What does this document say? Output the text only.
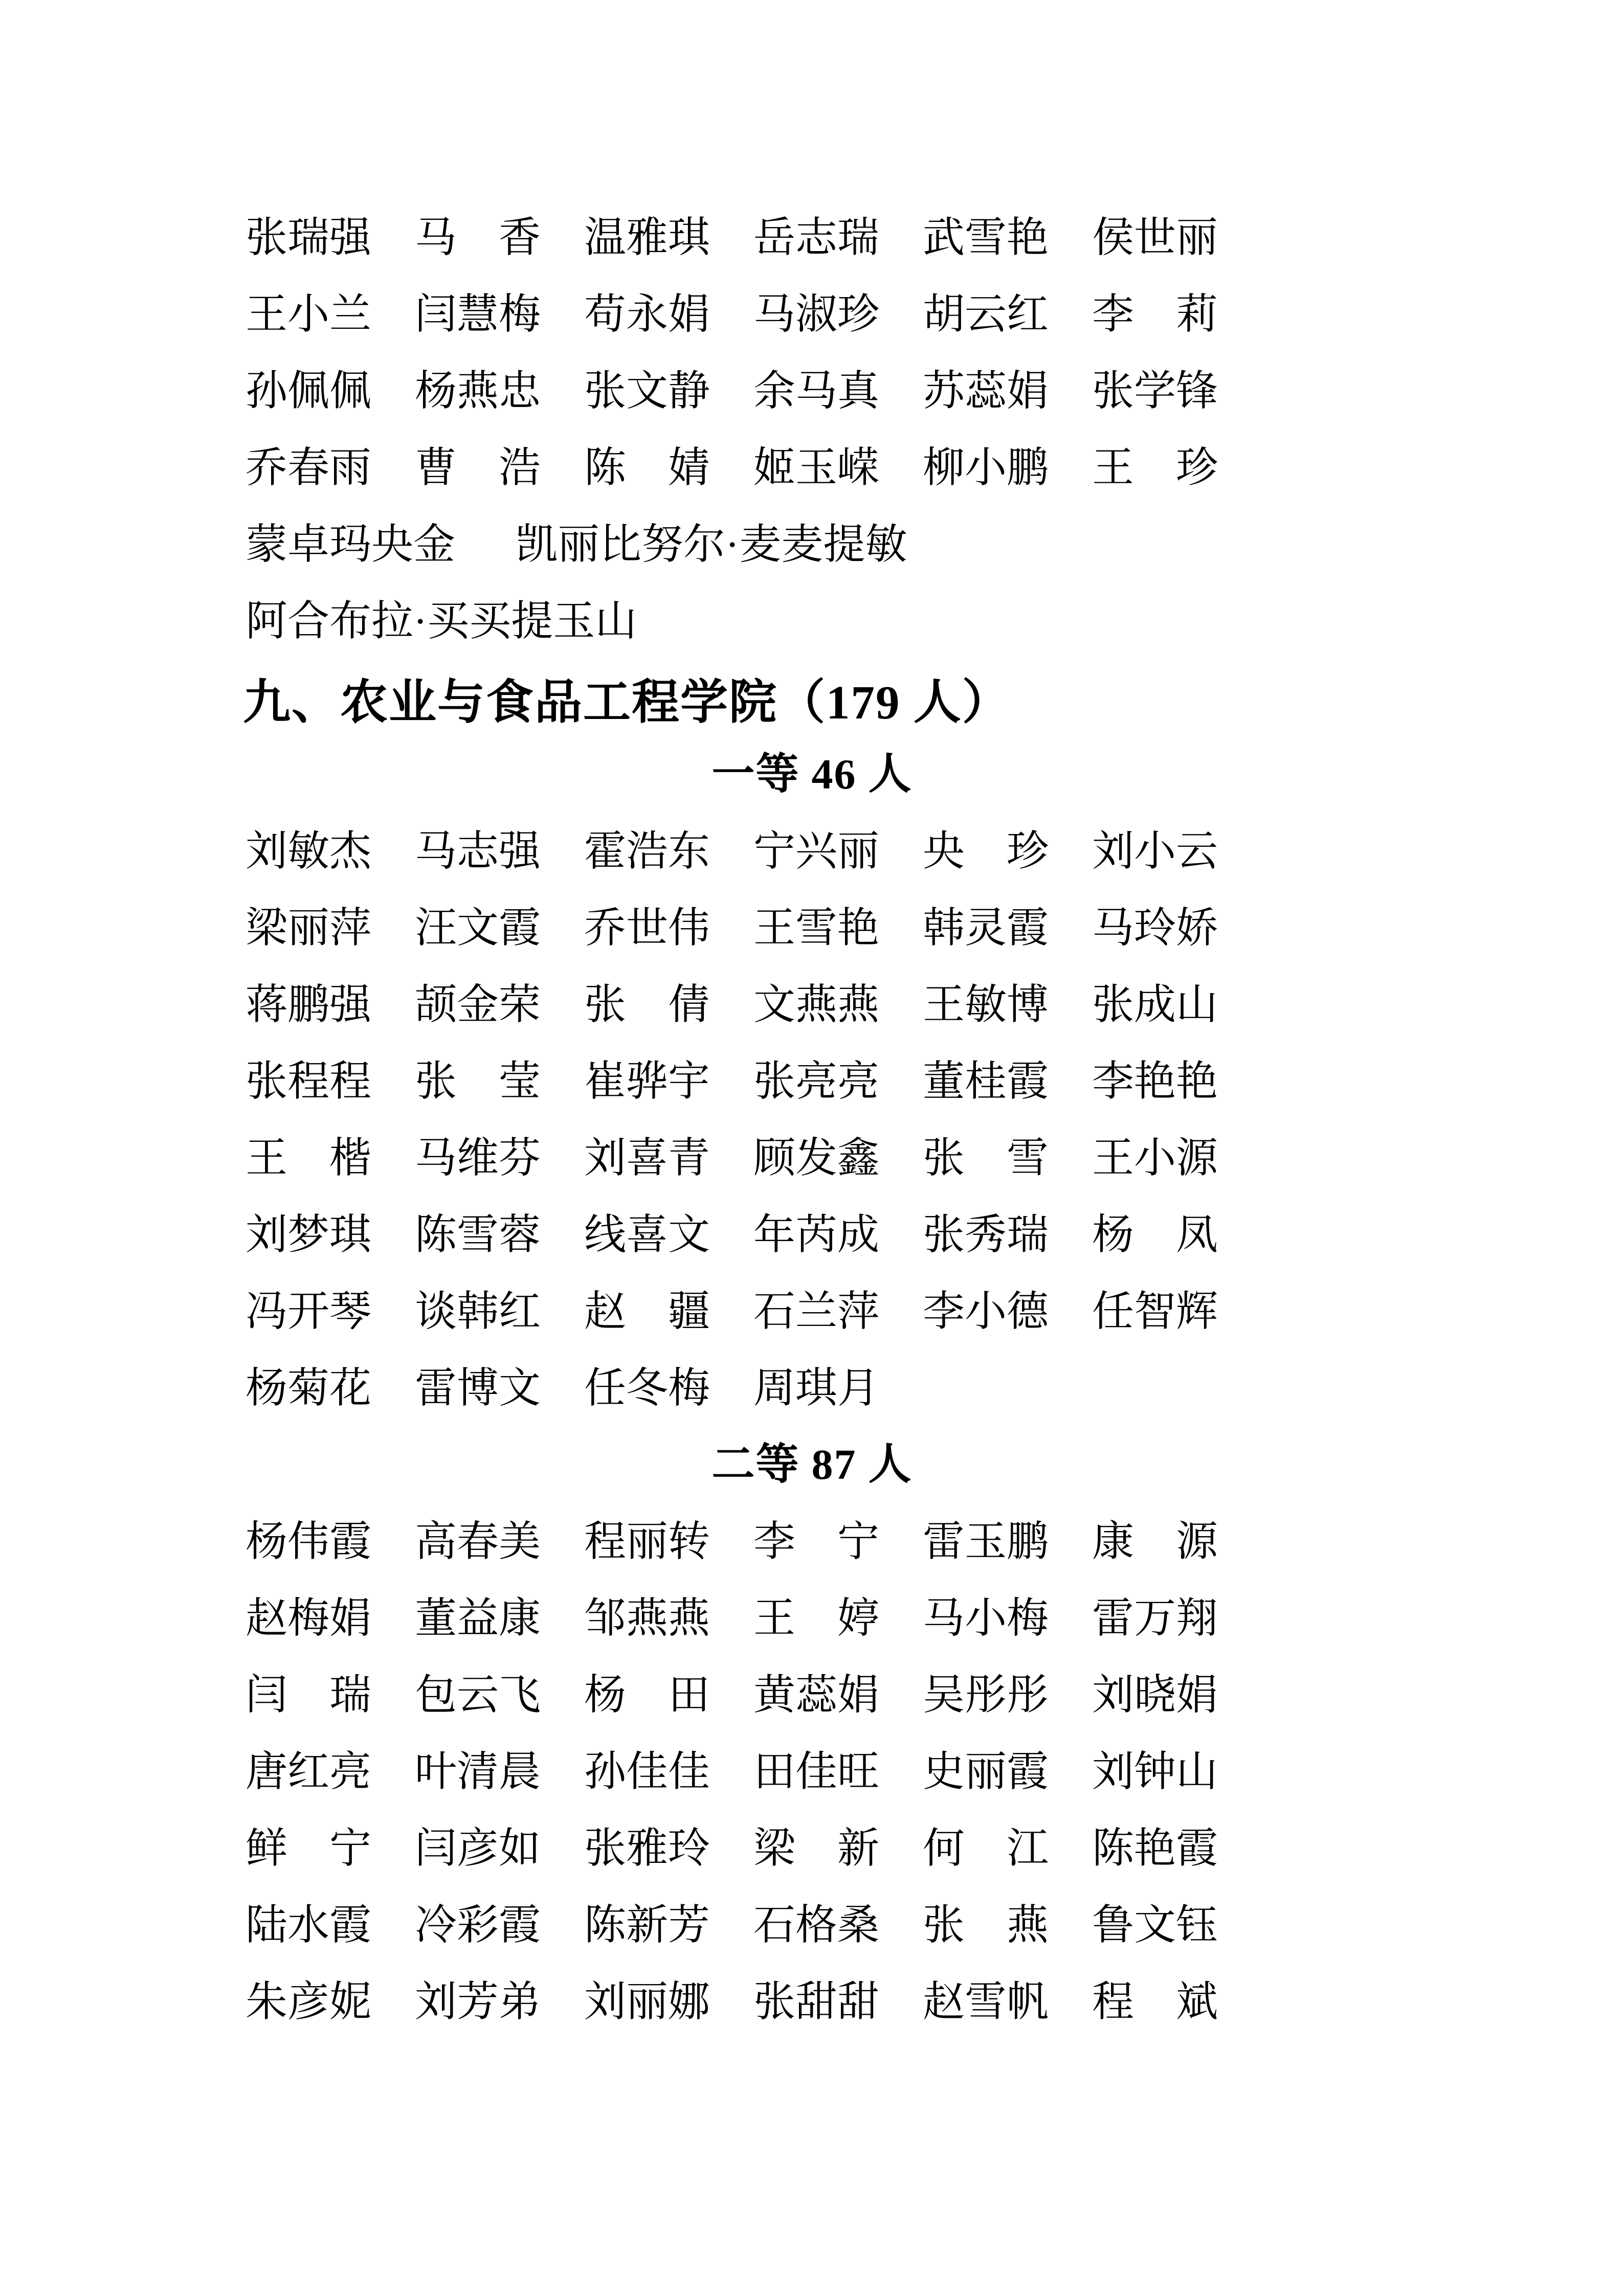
张瑞强	马　香	温雅琪	岳志瑞	武雪艳	侯世丽
王小兰	闫慧梅	苟永娟	马淑珍	胡云红	李　莉
孙佩佩	杨燕忠	张文静	余马真	苏蕊娟	张学锋
乔春雨	曹　浩	陈　婧	姬玉嵘	柳小鹏	王　珍
蒙卓玛央金 凯丽比努尔·麦麦提敏
阿合布拉·买买提玉山
九、农业与食品工程学院（179 人）
一等 46 人
刘敏杰	马志强	霍浩东	宁兴丽	央　珍	刘小云
梁丽萍	汪文霞	乔世伟	王雪艳	韩灵霞	马玲娇
蒋鹏强	颉金荣	张　倩	文燕燕	王敏博	张成山
张程程	张　莹	崔骅宇	张亮亮	董桂霞	李艳艳
王　楷	马维芬	刘喜青	顾发鑫	张　雪	王小源
刘梦琪	陈雪蓉	线喜文	年芮成	张秀瑞	杨　凤
冯开琴	谈韩红	赵　疆	石兰萍	李小德	任智辉
杨菊花	雷博文	任冬梅	周琪月
二等 87 人
杨伟霞	高春美	程丽转	李　宁	雷玉鹏	康　源
赵梅娟	董益康	邹燕燕	王　婷	马小梅	雷万翔
闫　瑞	包云飞	杨　田	黄蕊娟	吴彤彤	刘晓娟
唐红亮	叶清晨	孙佳佳	田佳旺	史丽霞	刘钟山
鲜　宁	闫彦如	张雅玲	梁　新	何　江	陈艳霞
陆水霞	冷彩霞	陈新芳	石格桑	张　燕	鲁文钰
朱彦妮	刘芳弟	刘丽娜	张甜甜	赵雪帆	程　斌
